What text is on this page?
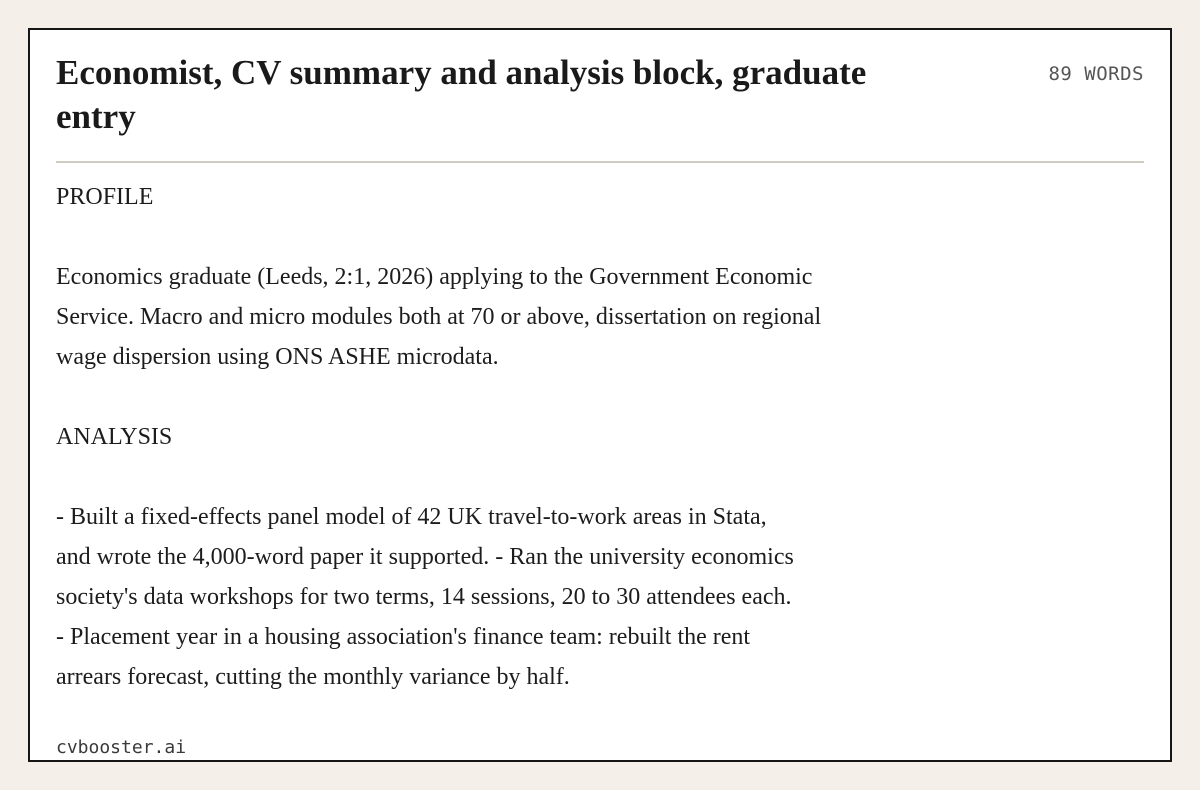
Economist, CV summary and analysis block, graduate entry
89 WORDS
PROFILE
Economics graduate (Leeds, 2:1, 2026) applying to the Government Economic
Service. Macro and micro modules both at 70 or above, dissertation on regional
wage dispersion using ONS ASHE microdata.
ANALYSIS
- Built a fixed-effects panel model of 42 UK travel-to-work areas in Stata,
and wrote the 4,000-word paper it supported. - Ran the university economics
society's data workshops for two terms, 14 sessions, 20 to 30 attendees each.
- Placement year in a housing association's finance team: rebuilt the rent
arrears forecast, cutting the monthly variance by half.
cvbooster.ai
